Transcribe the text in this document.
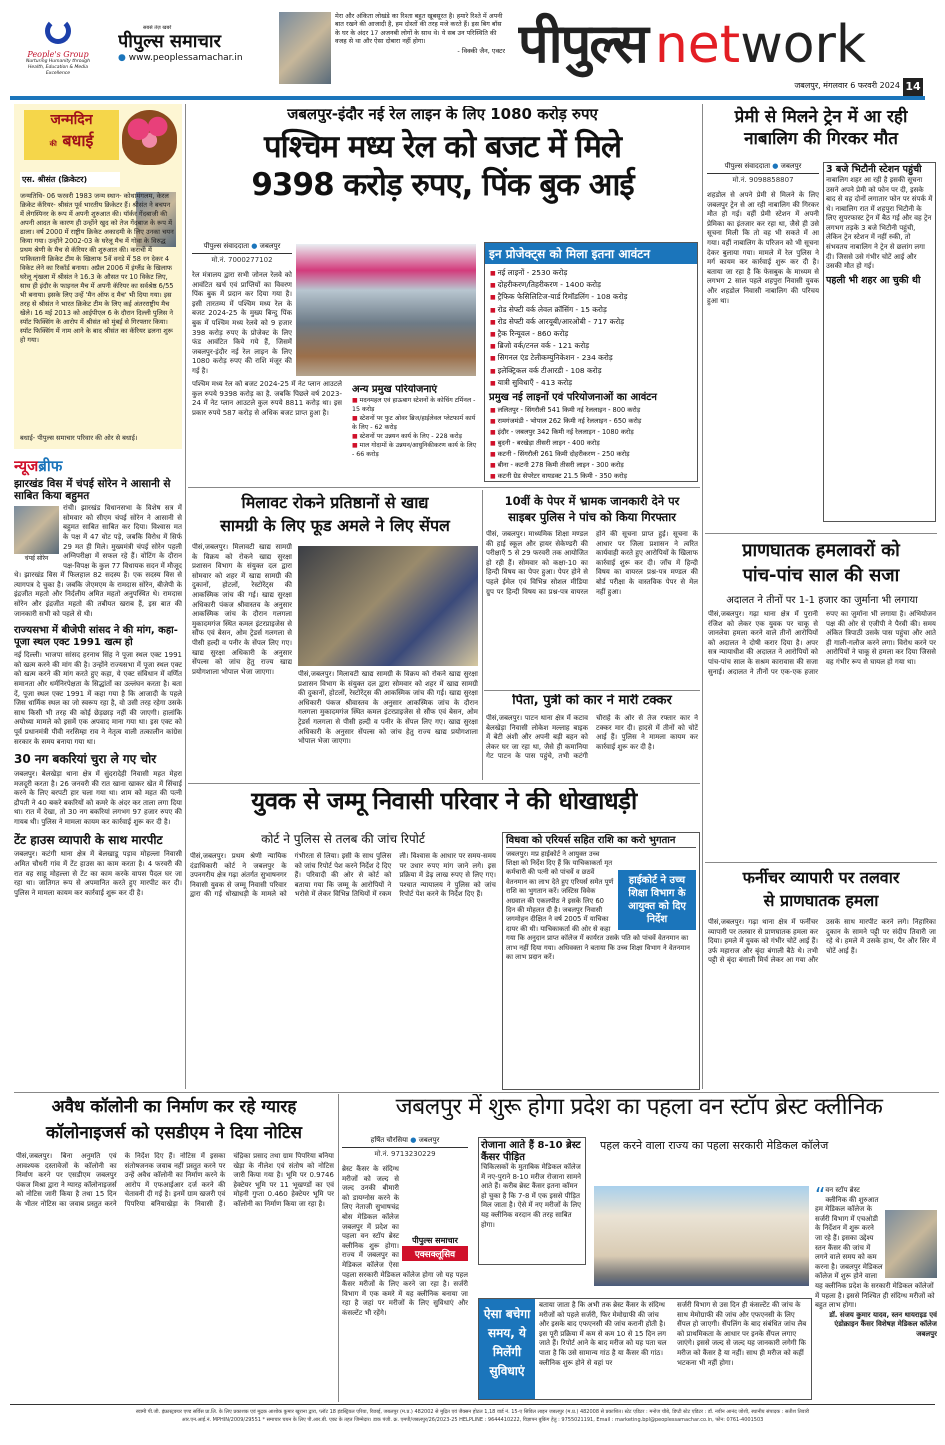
People's Group
Nurturing Humanity through Health, Education & Media Excellence
सबसे तेज़ खबरें
पीपुल्स समाचार
● www.peoplessamachar.in
मेरा और अंकिता लोखंडे का रिश्ता बहुत खूबसूरत है। हमारे रिश्ते में अपनी बात रखने की आजादी है, हम दोस्तों की तरह मजे करते हैं। इस बिग बॉस के घर के अंदर 17 अजनबी लोगों के साथ थे। ये सब उन परिस्थिति की वजह से था और ऐसा दोबारा नहीं होगा।
- विक्की जैन, एक्टर पीपुल्स network
जबलपुर, मंगलवार 6 फरवरी 2024 14
जन्मदिन
की बधाई
एस. श्रीसंत (क्रिकेटर)
जन्मतिथि- 06 फरवरी 1983 जन्म स्थान- कोथामंगलम, केरल क्रिकेट कॅरियर- श्रीसंत पूर्व भारतीय क्रिकेटर हैं। श्रीसंत ने बचपन में लेगस्पिनर के रूप में अपनी शुरुआत की। यॉर्कर गेंदबाजी की अपनी आदत के कारण ही उन्होंने खुद को तेज गेंदबाज के रूप में ढाला। वर्ष 2000 में राष्ट्रीय क्रिकेट अकादमी के लिए उनका चयन किया गया। उन्होंने 2002-03 के घरेलू मैच में गोवा के विरुद्ध प्रथम श्रेणी के मैच से कॅरियर की शुरुआत की। कराची में पाकिस्तानी क्रिकेट टीम के खिलाफ 5वें वनडे में 58 रन देकर 4 विकेट लेने का रिकॉर्ड बनाया। अप्रैल 2006 में इंग्लैंड के खिलाफ घरेलू शृंखला में श्रीसंत ने 16.3 के औसत पर 10 विकेट लिए, साथ ही इंदौर के फाइनल मैच में अपनी कॅरियर का सर्वश्रेष्ठ 6/55 भी बनाया। इसके लिए उन्हें 'मैन ऑफ द मैच' भी दिया गया। इस तरह से श्रीसंत ने भारत क्रिकेट टीम के लिए कई अंतरराष्ट्रीय मैच खेले। 16 मई 2013 को आईपीएल 6 के दौरान दिल्ली पुलिस ने स्पॉट फिक्सिंग के आरोप में श्रीसंत को मुंबई से गिरफ्तार किया। स्पॉट फिक्सिंग में नाम आने के बाद श्रीसंत का कॅरियर ढलना शुरू हो गया।
बधाई- पीपुल्स समाचार परिवार की ओर से बधाई।
न्यूजब्रीफ
झारखंड विस में चंपई सोरेन ने आसानी से साबित किया बहुमत
चंपई सोरेन
रांची। झारखंड विधानसभा के विशेष सत्र में सोमवार को सीएम चंपई सोरेन ने आसानी से बहुमत साबित साबित कर दिया। विश्वास मत के पक्ष में 47 वोट पड़े, जबकि विरोध में सिर्फ 29 मत ही मिले। मुख्यमंत्री चंपई सोरेन पहली अग्निपरीक्षा में सफल रहे हैं। वोटिंग के दौरान पक्ष-विपक्ष के कुल 77 विधायक सदन में मौजूद थे। झारखंड विस में फिलहाल 82 सदस्य हैं। एक सदस्य विस से त्यागपत्र दे चुका है। जबकि जेएमएम के रामदास सोरेन, बीजेपी के इंद्रजीत महतो और निर्दलीय अमित महतो अनुपस्थित थे। रामदास सोरेन और इंद्रजीत महतो की तबीयत खराब हैं, इस बात की जानकारी सभी को पहले से थी।
राज्यसभा में बीजेपी सांसद ने की मांग, कहा- पूजा स्थल एक्ट 1991 खत्म हो
नई दिल्ली। भाजपा सांसद हरनाथ सिंह ने पूजा स्थल एक्ट 1991 को खत्म करने की मांग की है। उन्होंने राज्यसभा में पूजा स्थल एक्ट को खत्म करने की मांग करते हुए कहा, ये एक्ट संविधान में वर्णित समानता और धर्मनिरपेक्षता के सिद्धांतों का उल्लंघन करता है। बता दें, पूजा स्थल एक्ट 1991 में कहा गया है कि आजादी के पहले जिस धार्मिक स्थल का जो स्वरूप रहा है, वो उसी तरह रहेगा उसके साथ किसी भी तरह की कोई छेड़छाड़ नहीं की जाएगी। हालांकि अयोध्या मामले को इसमें एक अपवाद माना गया था। इस एक्ट को पूर्व प्रधानमंत्री पीवी नरसिम्हा राव ने नेतृत्व वाली तत्कालीन कांग्रेस सरकार के समय बनाया गया था।
30 नग बकरियां चुरा ले गए चोर
जबलपुर। बेलखेड़ा थाना क्षेत्र में सुंदरादेही निवासी महत मेहरा मजदूरी करता है। 26 जनवरी की रात खाना खाकर खेत में सिंचाई करने के लिए बरपटी हार चला गया था। शाम को महत की पत्नी द्रौपती ने 40 बकरे बकरियों को कमरे के अंदर कर ताला लगा दिया था। रात में देखा, तो 30 नग बकरियां लगभग 97 हजार रुपए की गायब थी। पुलिस ने मामला कायम कर कार्रवाई शुरू कर दी है।
टेंट हाउस व्यापारी के साथ मारपीट
जबलपुर। कटंगी थाना क्षेत्र में बेलखाडू पड़ाव मोहल्ला निवासी अमित चौधरी गांव में टेंट हाउस का काम करता है। 4 फरवरी की रात वह साहू मोहल्ला से टेंट का काम करके वापस पैदल घर जा रहा था। जातिगत रूप से अपमानित करते हुए मारपीट कर दी। पुलिस ने मामला कायम कर कार्रवाई शुरू कर दी है।
जबलपुर-इंदौर नई रेल लाइन के लिए 1080 करोड़ रुपए
पश्चिम मध्य रेल को बजट में मिले
9398 करोड़ रुपए, पिंक बुक आई
पीपुल्स संवाददाता ● जबलपुर
मो.नं. 7000277102
रेल मंत्रालय द्वारा सभी जोनल रेलवे को आवंटित खर्च एवं प्राप्तियों का विवरण पिंक बुक में प्रदान कर दिया गया है। इसी तारतम्य में पश्चिम मध्य रेल के बजट 2024-25 के मुख्य बिन्दु पिंक बुक में पश्चिम मध्य रेलवे को 9 हजार 398 करोड़ रुपए के प्रोजेक्ट के लिए फंड आवंटित किये गये हैं, जिसमें जबलपुर-इंदौर नई रेल लाइन के लिए 1080 करोड़ रुपए की राशि मंजूर की गई है।

पश्चिम मध्य रेल को बजट 2024-25 में नेट प्लान आउटले कुल रुपये 9398 करोड़ का है. जबकि पिछले वर्ष 2023-24 में नेट प्लान आउटले कुल रुपये 8811 करोड़ था। इस प्रकार रुपये 587 करोड़ से अधिक बजट प्राप्त हुआ है।

अन्य प्रमुख परियोजनाएं
■ मदनमहल एवं हाऊबाग स्टेशनों के कोचिंग टर्मिनल - 15 करोड़
■ स्टेशनों पर फुट ओवर ब्रिज/हाईलेवल प्लेटफार्म कार्य के लिए - 62 करोड़
■ स्टेशनों पर उन्नयन कार्य के लिए - 228 करोड़
■ माल गोदामों के उन्नयन/आधुनिकीकरण कार्य के लिए - 66 करोड़
इन प्रोजेक्ट्स को मिला इतना आवंटन
■ नई लाइनों - 2530 करोड़
■ दोहरीकरण/तिहरीकरण - 1400 करोड़
■ ट्रैफिक फेसिलिटिज-यार्ड रिमॉडलिंग - 108 करोड़
■ रोड सेफ्टी वर्क लेवल क्रॉसिंग - 15 करोड़
■ रोड सेफ्टी वर्क आरयूबी/आरओबी - 717 करोड़
■ ट्रैक रिन्यूवल - 860 करोड़
■ ब्रिजो वर्क/टनल वर्क - 121 करोड़
■ सिगनल एंड टेलीकम्युनिकेशन - 234 करोड़
■ इलेक्ट्रिकल वर्क टीआरडी - 108 करोड़
■ यात्री सुविधाएँ - 413 करोड़
प्रमुख नई लाइनों एवं परियोजनाओं का आवंटन
■ ललितपुर - सिंगरौली 541 किमी नई रेललाइन - 800 करोड़
■ रामगंजमंडी - भोपाल 262 किमी नई रेललाइन - 650 करोड़
■ इंदौर - जबलपुर 342 किमी नई रेललाइन - 1080 करोड़
■ बुदनी - बरखेड़ा तीसरी लाइन - 400 करोड़
■ कटनी - सिंगरौली 261 किमी दोहरीकरण - 250 करोड़
■ बीना - कटनी 278 किमी तीसरी लाइन - 300 करोड़
■ कटनी ग्रेड सेपरेटर वायडक्ट 21.5 किमी - 350 करोड़
प्रेमी से मिलने ट्रेन में आ रही
नाबालिग की गिरकर मौत
पीपुल्स संवाददाता ● जबलपुर
मो.नं. 9098858807
शहडोल से अपने प्रेमी से मिलने के लिए जबलपुर ट्रेन से आ रही नाबालिग की गिरकर मौत हो गई। वहीं प्रेमी स्टेशन में अपनी प्रेमिका का इंतजार कर रहा था, जैसे ही उसे सूचना मिली कि तो वह भी सकते में आ गया। वहीं नाबालिग के परिजन को भी सूचना देकर बुलाया गया। मामले में रेल पुलिस ने मर्ग कायम कर कार्रवाई शुरू कर दी है। बताया जा रहा है कि फेसबुक के माध्यम से लगभग 2 साल पहले शहपुरा निवासी युवक और शहडोल निवासी नाबालिग की परिचय हुआ था।
3 बजे भिटौनी स्टेशन पहुंची
नाबालिग शहर आ रही है इसकी सूचना उसने अपने प्रेमी को फोन पर दी, इसके बाद से वह दोनों लगातार फोन पर संपर्क में थे। नाबालिग रात में शहपुरा भिटौनी के लिए सुपरफास्ट ट्रेन में बैठ गई और वह ट्रेन लगभग तड़के 3 बजे भिटौनी पहुंची, लेकिन ट्रेन स्टेशन में नहीं रुकी, तो संभवतय नाबालिग ने ट्रेन से छलांग लगा दी। जिससे उसे गंभीर चोटें आई और उसकी मौत हो गई।
पहली भी शहर आ चुकी थी
मिलावट रोकने प्रतिष्ठानों से खाद्य
सामग्री के लिए फूड अमले ने लिए सेंपल
पीसं,जबलपुर। मिलावटी खाद्य सामग्री के विक्रय को रोकने खाद्य सुरक्षा प्रशासन विभाग के संयुक्त दल द्वारा सोमवार को शहर में खाद्य सामग्री की दुकानों, होटलों, रेस्टोरेंट्स की आकस्मिक जांच की गई। खाद्य सुरक्षा अधिकारी पंकज श्रीवास्तव के अनुसार आकस्मिक जांच के दौरान गलगला मुकादमगंज स्थित कमल इंटरप्राइजेस से सौंफ एवं बेसन, ओम ट्रेडर्स गलगला से पीसी हल्दी व पनीर के सेंपल लिए गए। खाद्य सुरक्षा अधिकारी के अनुसार सेंपल्स को जांच हेतु राज्य खाद्य प्रयोगशाला भोपाल भेजा जाएगा।	पीसं,जबलपुर। मिलावटी खाद्य सामग्री के विक्रय को रोकने खाद्य सुरक्षा प्रशासन विभाग के संयुक्त दल द्वारा सोमवार को शहर में खाद्य सामग्री की दुकानों, होटलों, रेस्टोरेंट्स की आकस्मिक जांच की गई। खाद्य सुरक्षा अधिकारी पंकज श्रीवास्तव के अनुसार आकस्मिक जांच के दौरान गलगला मुकादमगंज स्थित कमल इंटरप्राइजेस से सौंफ एवं बेसन, ओम ट्रेडर्स गलगला से पीसी हल्दी व पनीर के सेंपल लिए गए। खाद्य सुरक्षा अधिकारी के अनुसार सेंपल्स को जांच हेतु राज्य खाद्य प्रयोगशाला भोपाल भेजा जाएगा।
10वीं के पेपर में भ्रामक जानकारी देने पर
साइबर पुलिस ने पांच को किया गिरफ्तार
पीसं, जबलपुर। माध्यमिक शिक्षा मण्डल की हाई स्कूल और हायर सेकेण्डरी की परीक्षाएँ 5 से 29 फरवरी तक आयोजित हो रही हैं। सोमवार को कक्षा-10 का हिन्दी विषय का पेपर हुआ। पेपर होने से पहले ईमेल एवं विभिन्न सोशल मीडिया ग्रुप पर हिन्दी विषय का प्रश्न-पत्र वायरल होने की सूचना प्राप्त हुई। सूचना के आधार पर जिला प्रशासन ने त्वरित कार्यवाही करते हुए आरोपियों के खिलाफ कार्रवाई शुरू कर दी। जाँच में हिन्दी विषय का वायरल प्रश्न-पत्र मण्डल की बोर्ड परीक्षा के वास्तविक पेपर से मेल नहीं हुआ।
पिता, पुत्री को कार ने मारी टक्कर
पीसं,जबलपुर। पाटन थाना क्षेत्र में कटाव बेलखेड़ा निवासी लोकेश मल्लाह बाइक में बेटी अंशी और अपनी बड़ी बहन को लेकर घर जा रहा था, जैसे ही कमानिया गेट पाटन के पास पहुंचे, तभी कटंगी चौराहे के ओर से तेज रफ्तार कार ने टक्कर मार दी। हादसे में तीनों को चोटें आई हैं। पुलिस ने मामला कायम कर कार्रवाई शुरू कर दी है।
प्राणघातक हमलावरों को
पांच-पांच साल की सजा
अदालत ने तीनों पर 1-1 हजार का जुर्माना भी लगाया
पीसं,जबलपुर। गढ़ा थाना क्षेत्र में पुरानी रंजिश को लेकर एक युवक पर चाकू से जानलेवा हमला करने वाले तीनों आरोपियों को अदालत ने दोषी करार दिया है। अपर सत्र न्यायाधीश की अदालत ने आरोपियों को पांच-पांच साल के सश्रम कारावास की सजा सुनाई। अदालत ने तीनों पर एक-एक हजार रुपए का जुर्माना भी लगाया है। अभियोजन पक्ष की ओर से एजीपी ने पैरवी की। समय अंकित त्रिपाठी उसके पास पहुंचा और आते ही गाली-गलौज करने लगा। विरोध करने पर आरोपियों ने चाकू से हमला कर दिया जिससे वह गंभीर रूप से घायल हो गया था।
फर्नीचर व्यापारी पर तलवार
से प्राणघातक हमला
पीसं,जबलपुर। गढ़ा थाना क्षेत्र में फर्नीचर व्यापारी पर तलवार से प्राणघातक हमला कर दिया। हमले में युवक को गंभीर चोटें आई हैं। उर्फ महाराज और बृंदा बंगाली बैठे थे। तभी पट्टी से बृंदा बंगाली मिर्च लेकर आ गया और उसके साथ मारपीट करने लगे। निहारिका दुकान के सामने पट्टी पर संदीप तिवारी जा रहे थे। हमले में उसके हाथ, पैर और सिर में चोटें आई हैं।
युवक से जम्मू निवासी परिवार ने की धोखाधड़ी
कोर्ट ने पुलिस से तलब की जांच रिपोर्ट
पीसं,जबलपुर। प्रथम श्रेणी न्यायिक दंडाधिकारी कोर्ट ने जबलपुर के उपनगरीय क्षेत्र गढ़ा अंतर्गत सुभाषनगर निवासी युवक से जम्मू निवासी परिवार द्वारा की गई धोखाधड़ी के मामले को गंभीरता से लिया। इसी के साथ पुलिस को जांच रिपोर्ट पेश करने निर्देश दे दिए हैं। परिवादी की ओर से कोर्ट को बताया गया कि जम्मू के आरोपियों ने भरोसे में लेकर विभिन्न तिथियों में रकम ली। विश्वास के आधार पर समय-समय पर उधार रुपए मांग जाने लगे। इस प्रक्रिया में डेढ़ लाख रुपए से लिए गए। पश्चात न्यायालय ने पुलिस को जांच रिपोर्ट पेश करने के निर्देश दिए हैं।
विधवा को एरियर्स सहित राशि का करो भुगतान
हाईकोर्ट ने उच्च शिक्षा विभाग के आयुक्त को दिए निर्देश
जबलपुर। मप्र हाईकोर्ट ने आयुक्त उच्च शिक्षा को निर्देश दिए हैं कि याचिकाकर्ता मृत कर्मचारी की पत्नी को पांचवें व छठवें वेतनमान का लाभ देते हुए एरियर्स समेत पूर्ण राशि का भुगतान करें। जस्टिस विवेक अग्रवाल की एकलपीठ ने इसके लिए 60 दिन की मोहलत दी है। जबलपुर निवासी जगमोहन दीक्षित ने वर्ष 2005 में याचिका दायर की थी। याचिकाकर्ता की ओर से कहा गया कि अनुदान प्राप्त कॉलेज में कार्यरत उसके पति को पांचवें वेतनमान का लाभ नहीं दिया गया। अधिवक्ता ने बताया कि उच्च शिक्षा विभाग ने वेतनमान का लाभ प्रदान करें।
अवैध कॉलोनी का निर्माण कर रहे ग्यारह
कॉलोनाइजर्स को एसडीएम ने दिया नोटिस
पीसं,जबलपुर। बिना अनुमति एवं आवश्यक दस्तावेजों के कॉलोनी का निर्माण करने पर एसडीएम जबलपुर पंकज मिश्रा द्वारा ने ग्यारह कॉलोनाइजर्स को नोटिस जारी किया है तथा 15 दिन के भीतर नोटिस का जवाब प्रस्तुत करने के निर्देश दिए हैं। नोटिस में इसका संतोषजनक जवाब नहीं प्रस्तुत करने पर उन्हें अवैध कॉलोनी का निर्माण करने के आरोप में एफआईआर दर्ज करने की चेतावनी दी गई है। इनमें ग्राम खजरी एवं पिपरिया बनियाखेड़ा के निवासी हैं। चंद्रिका प्रसाद तथा ग्राम पिपरिया बनिया खेड़ा के नीलेश एवं संतोष को नोटिस जारी किया गया है। भूमि पर 0.9746 हेक्टेयर भूमि पर 11 भूखण्डों का एवं मोहनी गुप्ता 0.460 हेक्टेयर भूमि पर कॉलोनी का निर्माण किया जा रहा है।
जबलपुर में शुरू होगा प्रदेश का पहला वन स्टॉप ब्रेस्ट क्लीनिक
हर्षित चौरसिया ● जबलपुर
मो.नं. 9713230229
पीपुल्स समाचार
एक्सक्लूसिव
ब्रेस्ट कैंसर के संदिग्ध मरीजों को जल्द से जल्द उनकी बीमारी को डायग्नोस करने के लिए नेताजी सुभाषचंद्र बोस मेडिकल कॉलेज जबलपुर में प्रदेश का पहला वन स्टॉप ब्रेस्ट क्लीनिक शुरू होगा। राज्य में जबलपुर का मेडिकल कॉलेज ऐसा पहला सरकारी मेडिकल कॉलेज होगा जो यह पहल कैंसर मरीजों के लिए करने जा रहा है। सर्जरी विभाग में एक कमरे में यह क्लीनिक बनाया जा रहा है जहां पर मरीजों के लिए सुविधाएं और कंसल्टेंट भी रहेंगे।
रोजाना आते हैं 8-10 ब्रेस्ट कैंसर पीड़ित
चिकित्सकों के मुताबिक मेडिकल कॉलेज में नए-पुराने 8-10 मरीज रोजाना सामने आते हैं। करीब ब्रेस्ट कैंसर इतना कॉमन हो चुका है कि 7-8 में एक इससे पीड़ित मिल जाता है। ऐसे में नए मरीजों के लिए यह क्लीनिक वरदान की तरह साबित होगा।
पहल करने वाला राज्य का पहला सरकारी मेडिकल कॉलेज
“ वन स्टॉप ब्रेस्ट क्लीनिक की शुरुआत हम मेडिकल कॉलेज के सर्जरी विभाग में एचओडी के निर्देशन में शुरू करने जा रहे हैं। इसका उद्देश्य स्तन कैंसर की जांच में लगने वाले समय को कम करना है। जबलपुर मेडिकल कॉलेज में शुरू होने वाला यह क्लीनिक प्रदेश के सरकारी मेडिकल कॉलेजों में पहला है। इससे निश्चित ही संदिग्ध मरीजों को बहुत लाभ होगा।
डॉ. संजय कुमार यादव, स्तन थायराइड एवं एंडोक्राइन कैंसर विशेषज्ञ मेडिकल कॉलेज जबलपुर
ऐसा बचेगा समय, ये मिलेंगी सुविधाएं
बताया जाता है कि अभी तक ब्रेस्ट कैंसर के संदिग्ध मरीजों को पहले सर्जरी, फिर मेमोग्राफी की जांच और इसके बाद एफएनसी की जांच करानी होती है। इस पूरी प्रक्रिया में कम से कम 10 से 15 दिन लग जाते हैं। रिपोर्ट आने के बाद मरीज को यह पता चल पाता है कि उसे सामान्य गांठ है या कैंसर की गांठ। क्लीनिक शुरू होने से वहां पर
सर्जरी विभाग से उस दिन ही कंसल्टेंट की जांच के साथ मेमोग्राफी की जांच और एफएनसी के लिए सैंपल हो जाएगी। सैंपलिंग के बाद संबंधित जांच लैब को प्राथमिकता के आधार पर इनके सैंपल लगाए जाएंगे। इससे जल्द से जल्द यह जानकारी लगेगी कि मरीज को कैंसर है या नहीं। साथ ही मरीज को कहीं भटकना भी नहीं होगा।
स्वामी पी.जी. इंफ्रास्ट्रक्चर एण्ड सर्विस प्रा.लि. के लिए प्रकाशक एवं मुद्रक आशोक कुमार खुराना द्वारा, प्लॉट 18 इंडस्ट्रियल एरिया, रिछाई, जबलपुर (म.प्र.) 482002 से मुद्रित एवं जैक्सन होटल 1,18 वार्ड नं. 15-ए सिविल लाइन जबलपुर (म.प्र.) 482008 से प्रकाशित। स्टेट एडिटर : मनोज चौबे, डिप्टी स्टेट एडिटर : डॉ. नवीन आनंद जोशी, स्थानीय संपादक : सतीश तिवारी
आर.एन.आई.नं. MPHIN/2009/29551 * समाचार चयन के लिए पी.आर.बी. एक्ट के तहत जिम्मेदार। डाक पंजी. क्र. एमपी/जबलपुर/26/2023-25 HELPLINE : 9644410222, विज्ञापन बुकिंग हेतु : 9755021191, Email : marketing.bpl@peoplessamachar.co.in, फोन: 0761-4001503
